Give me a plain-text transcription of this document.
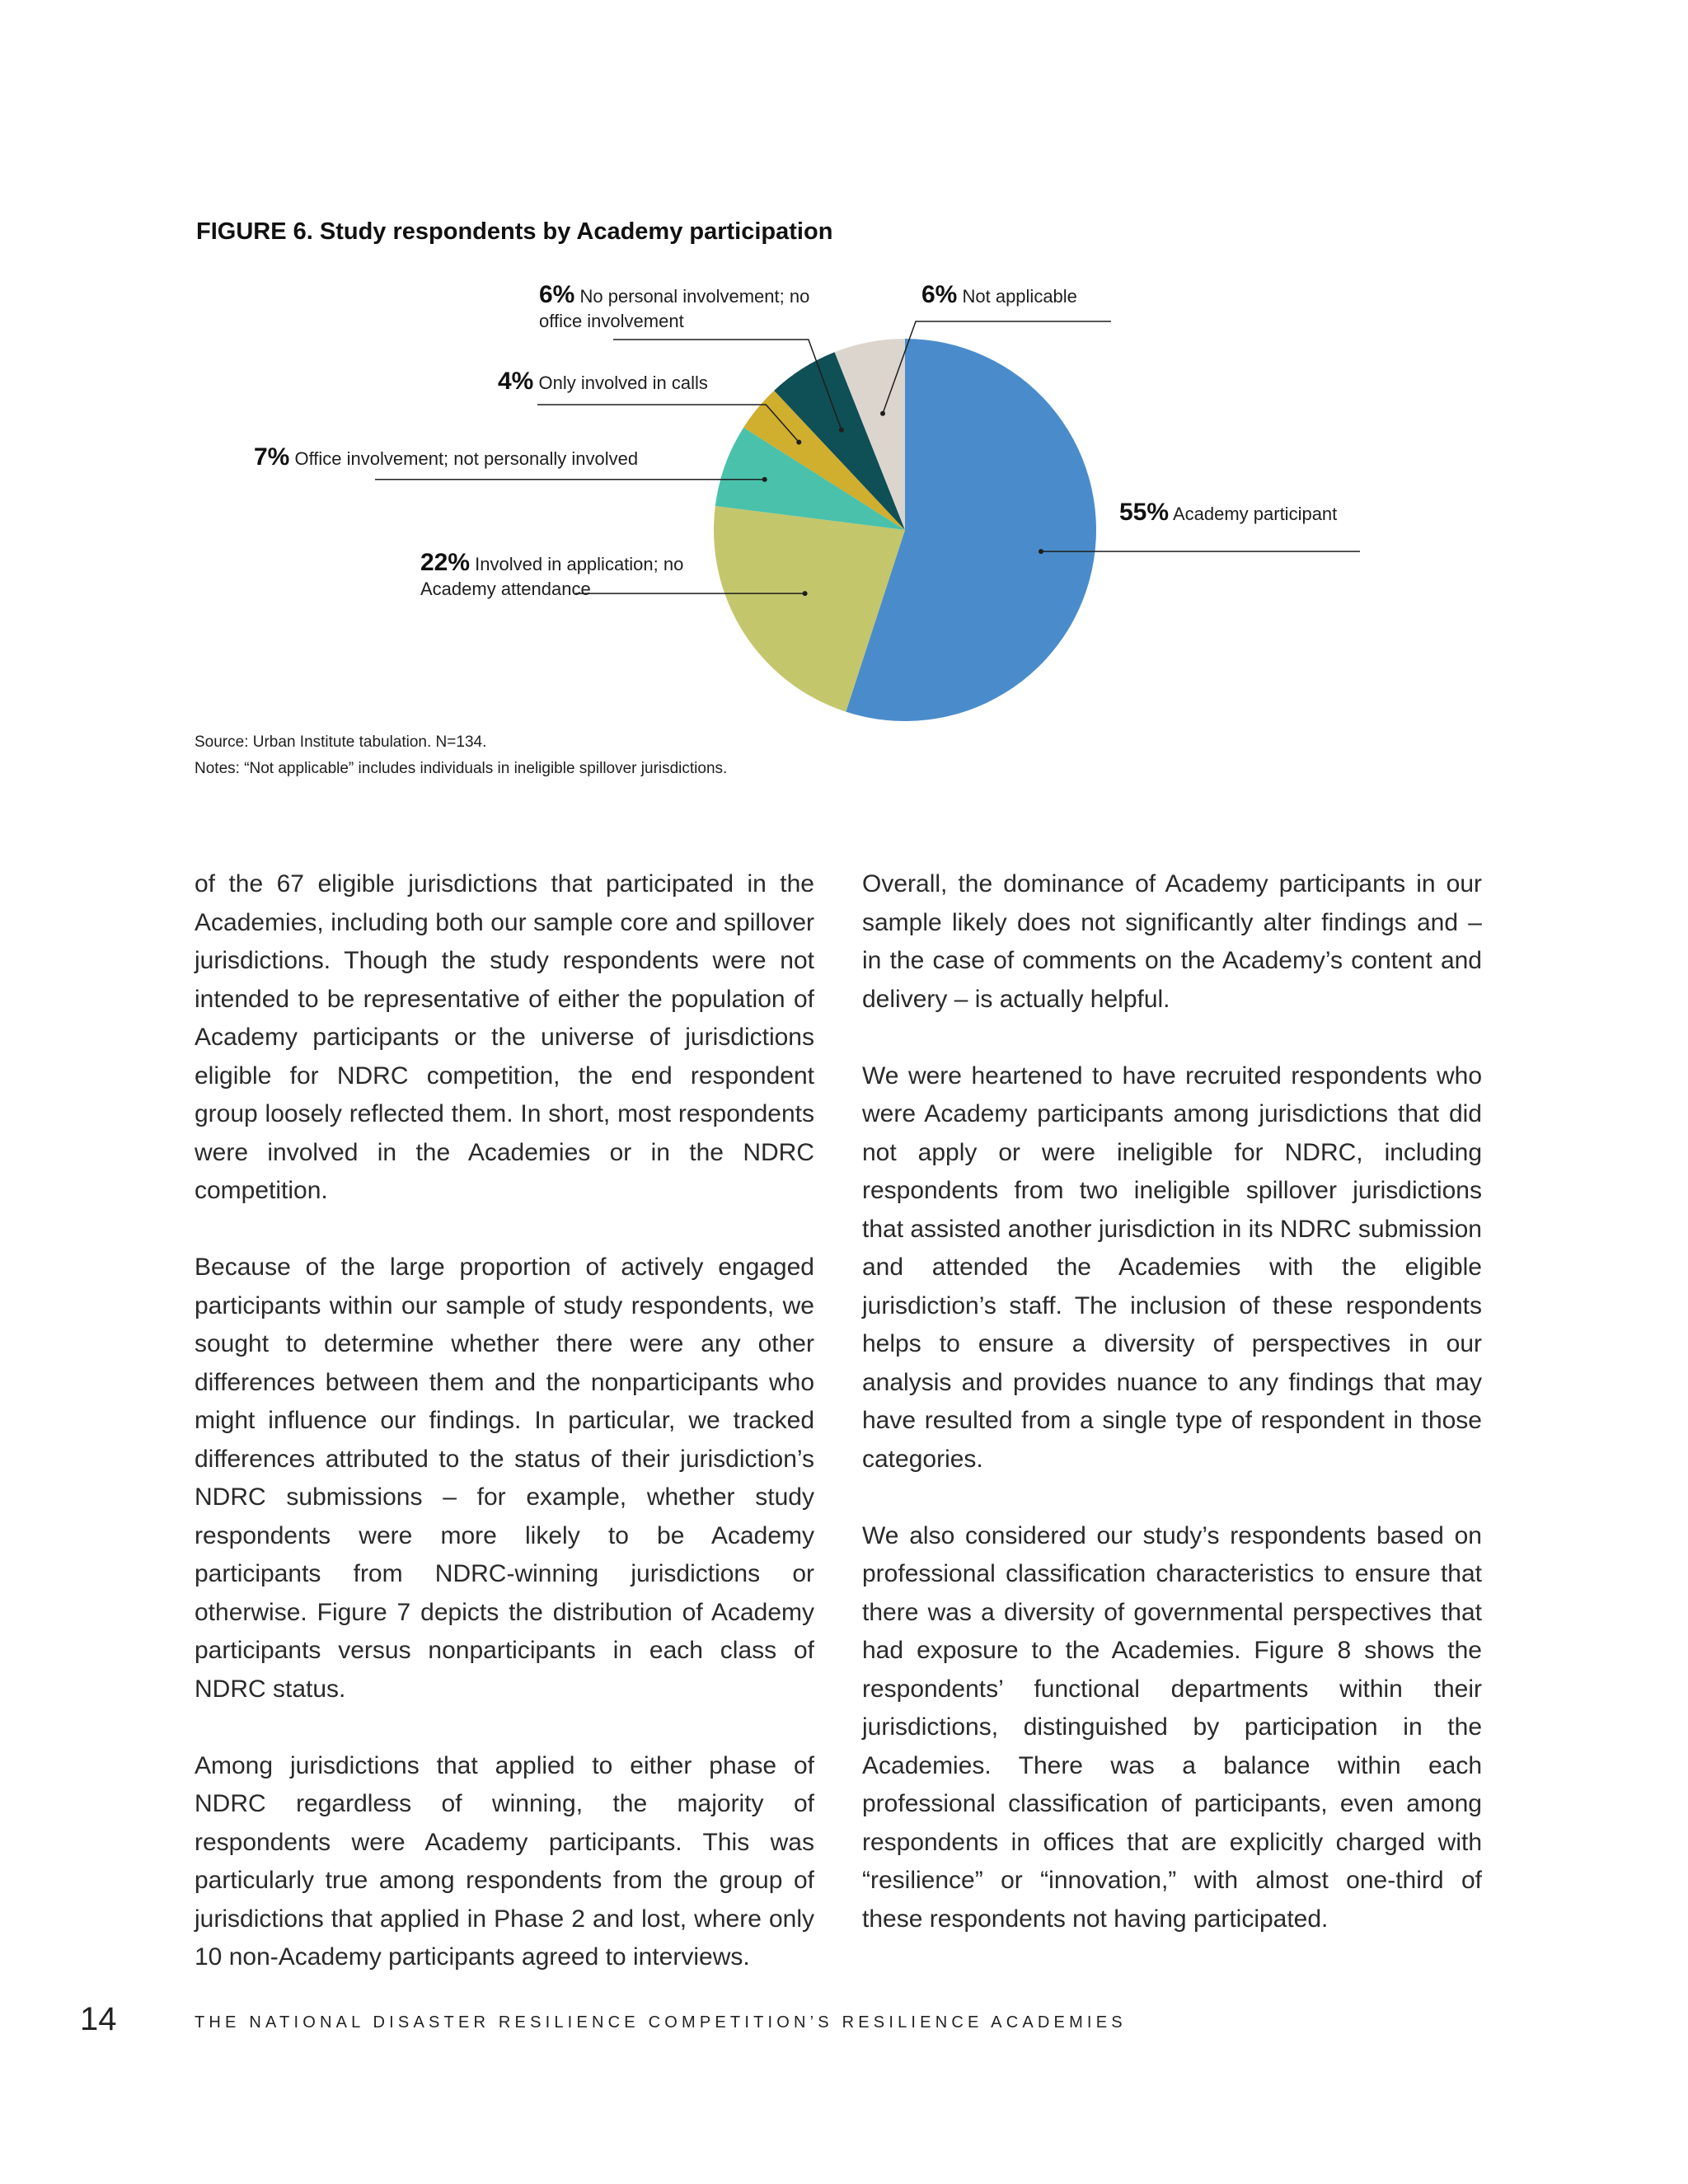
FIGURE 6. Study respondents by Academy participation
55% Academy participant
22% Involved in application; no Academy attendance
7% Office involvement; not personally involved
4% Only involved in calls
6% No personal involvement; no office involvement
6% Not applicable
Source: Urban Institute tabulation. N=134.
Notes: “Not applicable” includes individuals in ineligible spillover jurisdictions.

of the 67 eligible jurisdictions that participated in the Academies, including both our sample core and spillover jurisdictions. Though the study respondents were not intended to be representative of either the population of Academy participants or the universe of jurisdictions eligible for NDRC competition, the end respondent group loosely reflected them. In short, most respondents were involved in the Academies or in the NDRC competition.

Because of the large proportion of actively engaged participants within our sample of study respondents, we sought to determine whether there were any other differences between them and the nonparticipants who might influence our findings. In particular, we tracked differences attributed to the status of their jurisdiction’s NDRC submissions – for example, whether study respondents were more likely to be Academy participants from NDRC-winning jurisdictions or otherwise. Figure 7 depicts the distribution of Academy participants versus nonparticipants in each class of NDRC status.

Among jurisdictions that applied to either phase of NDRC regardless of winning, the majority of respondents were Academy participants. This was particularly true among respondents from the group of jurisdictions that applied in Phase 2 and lost, where only 10 non-Academy participants agreed to interviews.

Overall, the dominance of Academy participants in our sample likely does not significantly alter findings and – in the case of comments on the Academy’s content and delivery – is actually helpful.

We were heartened to have recruited respondents who were Academy participants among jurisdictions that did not apply or were ineligible for NDRC, including respondents from two ineligible spillover jurisdictions that assisted another jurisdiction in its NDRC submission and attended the Academies with the eligible jurisdiction’s staff. The inclusion of these respondents helps to ensure a diversity of perspectives in our analysis and provides nuance to any findings that may have resulted from a single type of respondent in those categories.

We also considered our study’s respondents based on professional classification characteristics to ensure that there was a diversity of governmental perspectives that had exposure to the Academies. Figure 8 shows the respondents’ functional departments within their jurisdictions, distinguished by participation in the Academies. There was a balance within each professional classification of participants, even among respondents in offices that are explicitly charged with “resilience” or “innovation,” with almost one-third of these respondents not having participated.

14	THE NATIONAL DISASTER RESILIENCE COMPETITION’S RESILIENCE ACADEMIES
